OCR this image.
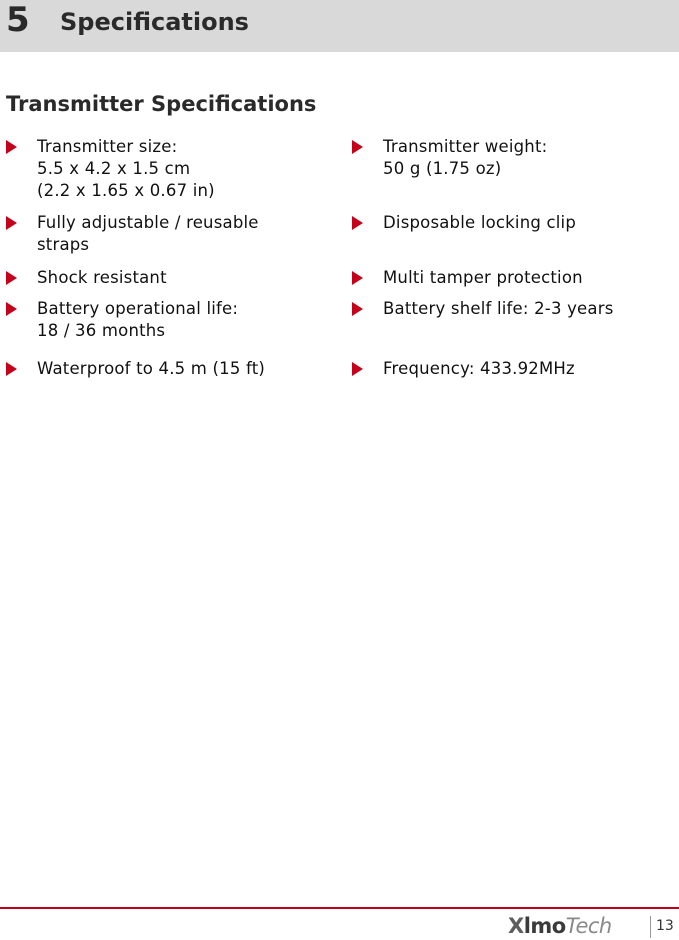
5 Specifications
Transmitter Specifications
Transmitter size:
5.5 x 4.2 x 1.5 cm
(2.2 x 1.65 x 0.67 in)
Fully adjustable / reusable
straps
Shock resistant
Battery operational life:
18 / 36 months
Waterproof to 4.5 m (15 ft)
Transmitter weight:
50 g (1.75 oz)
Disposable locking clip
Multi tamper protection
Battery shelf life: 2-3 years
Frequency: 433.92MHz
XlmoTech	13
